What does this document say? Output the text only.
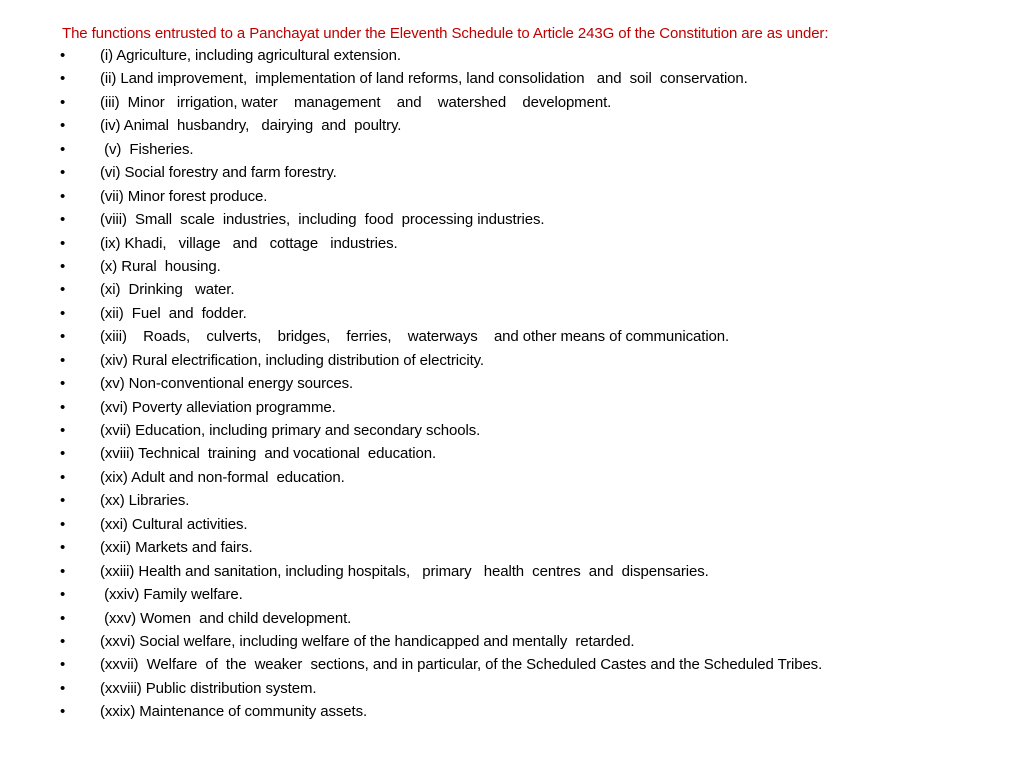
The functions entrusted to a Panchayat under the Eleventh Schedule to Article 243G of the Constitution are as under:
• (i) Agriculture, including agricultural extension.
• (ii) Land improvement,  implementation of land reforms, land consolidation   and  soil  conservation.
• (iii)  Minor   irrigation, water    management    and    watershed    development.
• (iv) Animal  husbandry,   dairying  and  poultry.
• (v)  Fisheries.
• (vi) Social forestry and farm forestry.
• (vii) Minor forest produce.
• (viii)  Small  scale  industries,  including  food  processing industries.
• (ix) Khadi,   village   and   cottage   industries.
• (x) Rural  housing.
• (xi)  Drinking   water.
• (xii)  Fuel  and  fodder.
• (xiii)    Roads,    culverts,    bridges,    ferries,    waterways    and other means of communication.
• (xiv) Rural electrification, including distribution of electricity.
• (xv) Non-conventional energy sources.
• (xvi) Poverty alleviation programme.
• (xvii) Education, including primary and secondary schools.
• (xviii) Technical  training  and vocational  education.
• (xix) Adult and non-formal  education.
• (xx) Libraries.
• (xxi) Cultural activities.
• (xxii) Markets and fairs.
• (xxiii) Health and sanitation, including hospitals,   primary   health  centres  and  dispensaries.
• (xxiv) Family welfare.
• (xxv) Women  and child development.
• (xxvi) Social welfare, including welfare of the handicapped and mentally  retarded.
• (xxvii)  Welfare  of  the  weaker  sections, and in particular, of the Scheduled Castes and the Scheduled Tribes.
• (xxviii) Public distribution system.
• (xxix) Maintenance of community assets.
